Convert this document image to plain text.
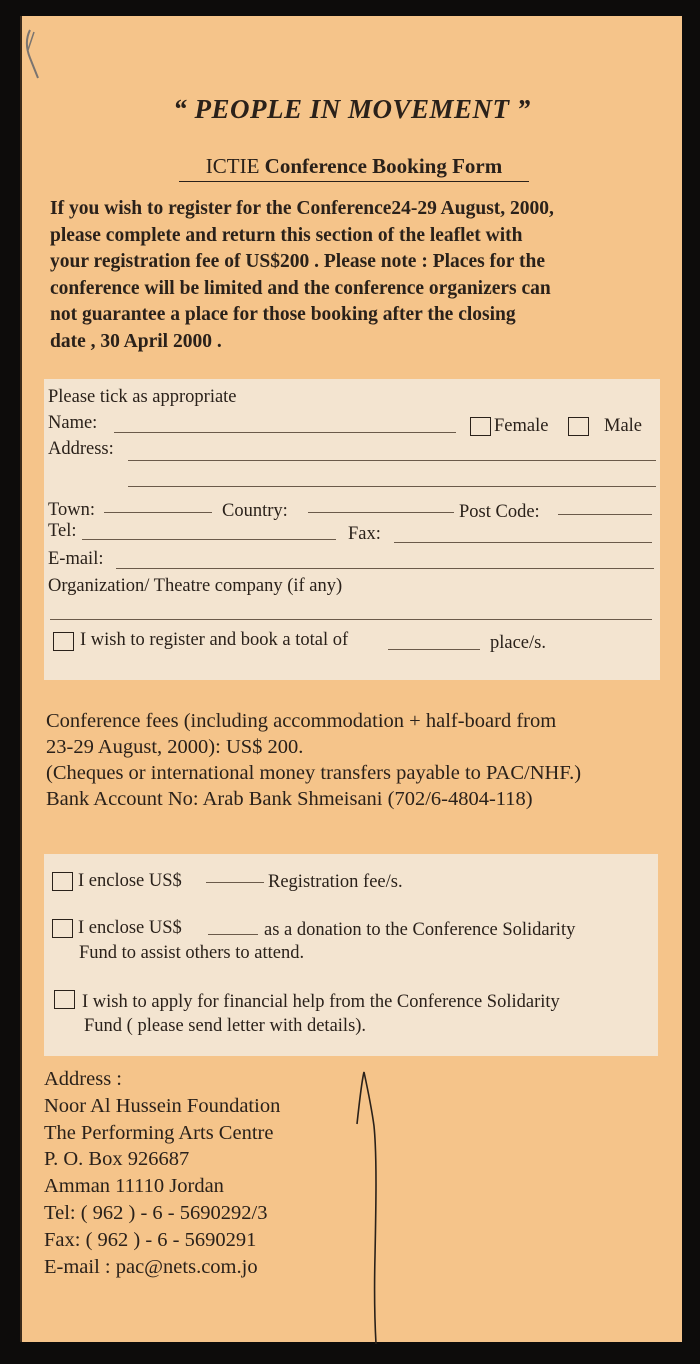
“ PEOPLE IN MOVEMENT ”
ICTIE Conference Booking Form
If you wish to register for the Conference24-29 August, 2000,
please complete and return this section of the leaflet with
your registration fee of US$200 . Please note : Places for the
conference will be limited and the conference organizers can
not guarantee a place for those booking after the closing
date , 30 April 2000 .
Please tick as appropriate
Name:	Female	Male
Address:
Town:	Country:	Post Code:
Tel:	Fax:
E-mail:
Organization/ Theatre company (if any)
I wish to register and book a total of	place/s.
Conference fees (including accommodation + half-board from
23-29 August, 2000): US$ 200.
(Cheques or international money transfers payable to PAC/NHF.)
Bank Account No: Arab Bank Shmeisani (702/6-4804-118)
I enclose US$	Registration fee/s.
I enclose US$	as a donation to the Conference Solidarity
Fund to assist others to attend.
I wish to apply for financial help from the Conference Solidarity
Fund ( please send letter with details).
Address :
Noor Al Hussein Foundation
The Performing Arts Centre
P. O. Box 926687
Amman 11110 Jordan
Tel: ( 962 ) - 6 - 5690292/3
Fax: ( 962 ) - 6 - 5690291
E-mail : pac@nets.com.jo
